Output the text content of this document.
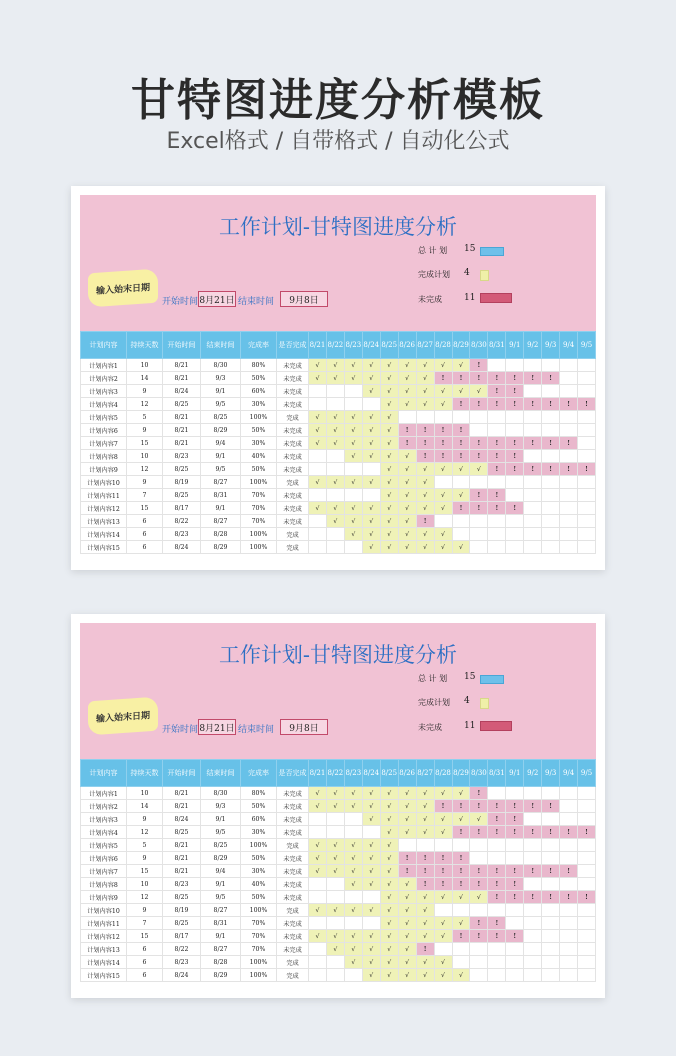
甘特图进度分析模板
Excel格式 / 自带格式 / 自动化公式
工作计划-甘特图进度分析
输入始末日期
开始时间 8月21日 结束时间	9月8日
总 计 划 15
完成计划 4
未完成 11
计划内容	持续天数	开始时间	结束时间	完成率	是否完成	8/21	8/22	8/23	8/24	8/25	8/26	8/27	8/28	8/29	8/30	8/31	9/1	9/2	9/3	9/4	9/5
计划内容1	10	8/21	8/30	80%	未完成	√	√	√	√	√	√	√	√	√	!						
计划内容2	14	8/21	9/3	50%	未完成	√	√	√	√	√	√	√	!	!	!	!	!	!	!		
计划内容3	9	8/24	9/1	60%	未完成				√	√	√	√	√	√	√	!	!				
计划内容4	12	8/25	9/5	30%	未完成					√	√	√	√	!	!	!	!	!	!	!	!
计划内容5	5	8/21	8/25	100%	完成	√	√	√	√	√											
计划内容6	9	8/21	8/29	50%	未完成	√	√	√	√	√	!	!	!	!							
计划内容7	15	8/21	9/4	30%	未完成	√	√	√	√	√	!	!	!	!	!	!	!	!	!	!	
计划内容8	10	8/23	9/1	40%	未完成			√	√	√	√	!	!	!	!	!	!				
计划内容9	12	8/25	9/5	50%	未完成					√	√	√	√	√	√	!	!	!	!	!	!
计划内容10	9	8/19	8/27	100%	完成	√	√	√	√	√	√	√									
计划内容11	7	8/25	8/31	70%	未完成					√	√	√	√	√	!	!					
计划内容12	15	8/17	9/1	70%	未完成	√	√	√	√	√	√	√	√	!	!	!	!				
计划内容13	6	8/22	8/27	70%	未完成		√	√	√	√	√	!									
计划内容14	6	8/23	8/28	100%	完成			√	√	√	√	√	√								
计划内容15	6	8/24	8/29	100%	完成				√	√	√	√	√	√							
工作计划-甘特图进度分析
输入始末日期
开始时间 8月21日 结束时间	9月8日
总 计 划 15
完成计划 4
未完成 11
计划内容	持续天数	开始时间	结束时间	完成率	是否完成	8/21	8/22	8/23	8/24	8/25	8/26	8/27	8/28	8/29	8/30	8/31	9/1	9/2	9/3	9/4	9/5
计划内容1	10	8/21	8/30	80%	未完成	√	√	√	√	√	√	√	√	√	!						
计划内容2	14	8/21	9/3	50%	未完成	√	√	√	√	√	√	√	!	!	!	!	!	!	!		
计划内容3	9	8/24	9/1	60%	未完成				√	√	√	√	√	√	√	!	!				
计划内容4	12	8/25	9/5	30%	未完成					√	√	√	√	!	!	!	!	!	!	!	!
计划内容5	5	8/21	8/25	100%	完成	√	√	√	√	√											
计划内容6	9	8/21	8/29	50%	未完成	√	√	√	√	√	!	!	!	!							
计划内容7	15	8/21	9/4	30%	未完成	√	√	√	√	√	!	!	!	!	!	!	!	!	!	!	
计划内容8	10	8/23	9/1	40%	未完成			√	√	√	√	!	!	!	!	!	!				
计划内容9	12	8/25	9/5	50%	未完成					√	√	√	√	√	√	!	!	!	!	!	!
计划内容10	9	8/19	8/27	100%	完成	√	√	√	√	√	√	√									
计划内容11	7	8/25	8/31	70%	未完成					√	√	√	√	√	!	!					
计划内容12	15	8/17	9/1	70%	未完成	√	√	√	√	√	√	√	√	!	!	!	!				
计划内容13	6	8/22	8/27	70%	未完成		√	√	√	√	√	!									
计划内容14	6	8/23	8/28	100%	完成			√	√	√	√	√	√								
计划内容15	6	8/24	8/29	100%	完成				√	√	√	√	√	√							
